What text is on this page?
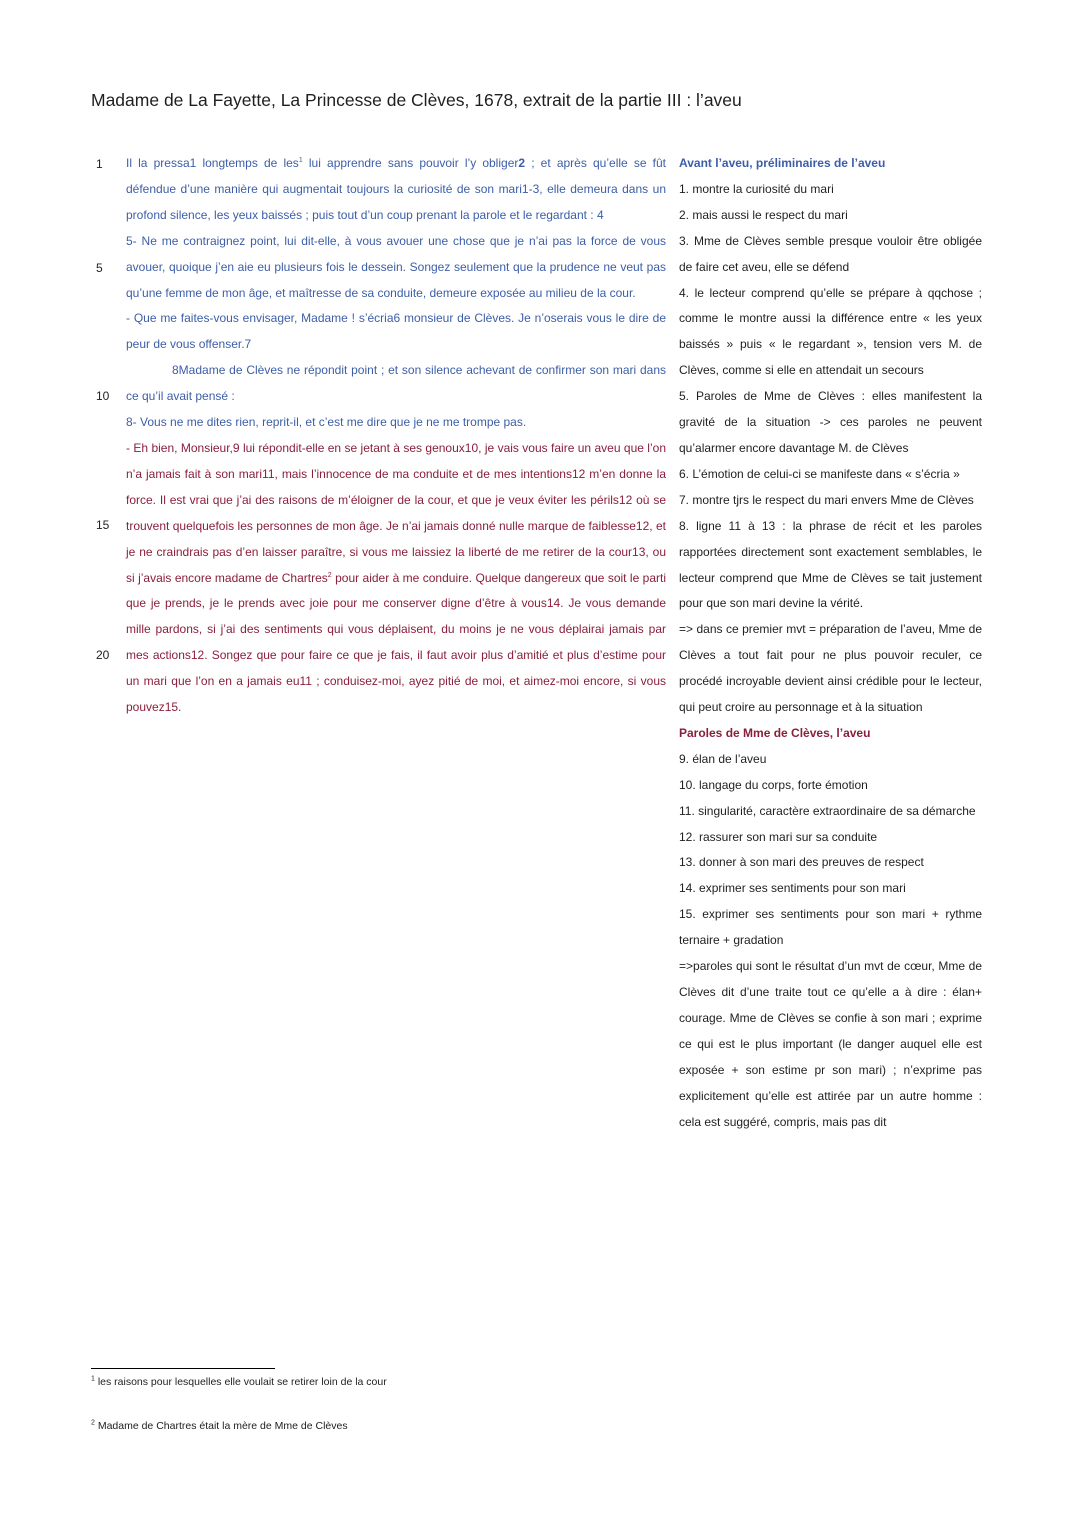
Madame de La Fayette, La Princesse de Clèves, 1678, extrait de la partie III : l’aveu
1
5
10
15
20

Il la pressa1 longtemps de les$^1$ lui apprendre sans pouvoir l’y obliger2 ; et après qu’elle se fût défendue d’une manière qui augmentait toujours la curiosité de son mari1-3, elle demeura dans un profond silence, les yeux baissés ; puis tout d’un coup prenant la parole et le regardant : 4

5- Ne me contraignez point, lui dit-elle, à vous avouer une chose que je n’ai pas la force de vous avouer, quoique j’en aie eu plusieurs fois le dessein. Songez seulement que la prudence ne veut pas qu’une femme de mon âge, et maîtresse de sa conduite, demeure exposée au milieu de la cour.

- Que me faites-vous envisager, Madame ! s’écria6 monsieur de Clèves. Je n’oserais vous le dire de peur de vous offenser.7

8Madame de Clèves ne répondit point ; et son silence achevant de confirmer son mari dans ce qu’il avait pensé :

8- Vous ne me dites rien, reprit-il, et c’est me dire que je ne me trompe pas.

- Eh bien, Monsieur,9 lui répondit-elle en se jetant à ses genoux10, je vais vous faire un aveu que l’on n’a jamais fait à son mari11, mais l’innocence de ma conduite et de mes intentions12 m’en donne la force. Il est vrai que j’ai des raisons de m’éloigner de la cour, et que je veux éviter les périls12 où se trouvent quelquefois les personnes de mon âge. Je n’ai jamais donné nulle marque de faiblesse12, et je ne craindrais pas d’en laisser paraître, si vous me laissiez la liberté de me retirer de la cour13, ou si j’avais encore madame de Chartres$^2$ pour aider à me conduire. Quelque dangereux que soit le parti que je prends, je le prends avec joie pour me conserver digne d’être à vous14. Je vous demande mille pardons, si j’ai des sentiments qui vous déplaisent, du moins je ne vous déplairai jamais par mes actions12. Songez que pour faire ce que je fais, il faut avoir plus d’amitié et plus d’estime pour un mari que l’on en a jamais eu11 ; conduisez-moi, ayez pitié de moi, et aimez-moi encore, si vous pouvez15.

Avant l’aveu, préliminaires de l’aveu

1. montre la curiosité du mari

2. mais aussi le respect du mari

3. Mme de Clèves semble presque vouloir être obligée de faire cet aveu, elle se défend

4. le lecteur comprend qu’elle se prépare à qqchose ; comme le montre aussi la différence entre « les yeux baissés » puis « le regardant », tension vers M. de Clèves, comme si elle en attendait un secours

5. Paroles de Mme de Clèves : elles manifestent la gravité de la situation -> ces paroles ne peuvent qu’alarmer encore davantage M. de Clèves

6. L’émotion de celui-ci se manifeste dans « s’écria »

7. montre tjrs le respect du mari envers Mme de Clèves

8. ligne 11 à 13 : la phrase de récit et les paroles rapportées directement sont exactement semblables, le lecteur comprend que Mme de Clèves se tait justement pour que son mari devine la vérité.

=> dans ce premier mvt = préparation de l’aveu, Mme de Clèves a tout fait pour ne plus pouvoir reculer, ce procédé incroyable devient ainsi crédible pour le lecteur, qui peut croire au personnage et à la situation

Paroles de Mme de Clèves, l’aveu

9. élan de l’aveu

10. langage du corps, forte émotion

11. singularité, caractère extraordinaire de sa démarche

12. rassurer son mari sur sa conduite

13. donner à son mari des preuves de respect

14. exprimer ses sentiments pour son mari

15. exprimer ses sentiments pour son mari + rythme ternaire + gradation

=>paroles qui sont le résultat d’un mvt de cœur, Mme de Clèves dit d’une traite tout ce qu’elle a à dire : élan+ courage. Mme de Clèves se confie à son mari ; exprime ce qui est le plus important (le danger auquel elle est exposée + son estime pr son mari) ; n’exprime pas explicitement qu’elle est attirée par un autre homme : cela est suggéré, compris, mais pas dit

$^1$ les raisons pour lesquelles elle voulait se retirer loin de la cour
$^2$ Madame de Chartres était la mère de Mme de Clèves
